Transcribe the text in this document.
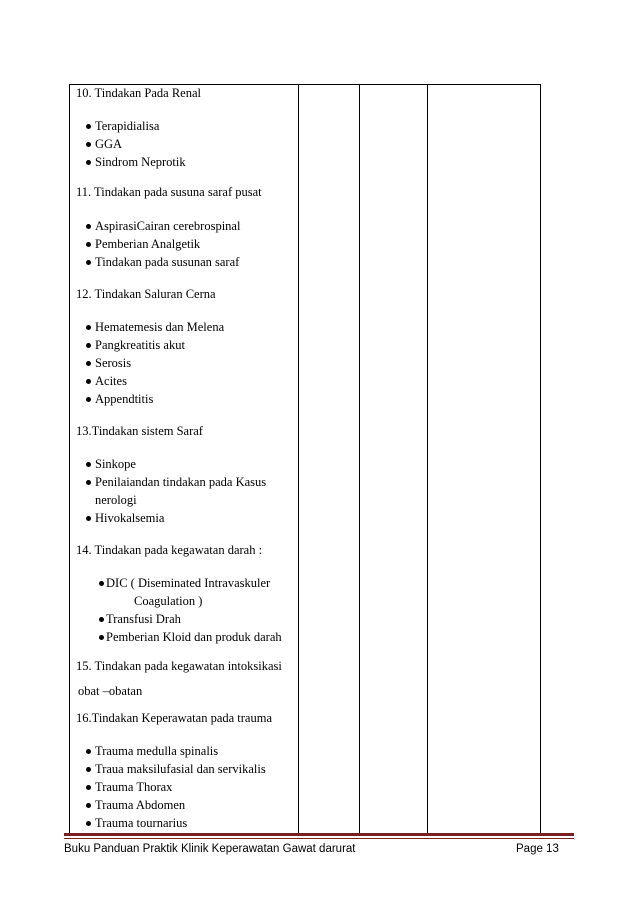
10. Tindakan Pada Renal
Terapidialisa
GGA
Sindrom Neprotik
11. Tindakan pada susuna saraf pusat
AspirasiCairan cerebrospinal
Pemberian Analgetik
Tindakan pada susunan saraf
12. Tindakan Saluran Cerna
Hematemesis dan Melena
Pangkreatitis akut
Serosis
Acites
Appendtitis
13.Tindakan sistem Saraf
Sinkope
Penilaiandan tindakan pada Kasus
nerologi
Hivokalsemia
14. Tindakan pada kegawatan darah :
DIC ( Diseminated Intravaskuler
Coagulation )
Transfusi Drah
Pemberian Kloid dan produk darah
15. Tindakan pada kegawatan intoksikasi
obat –obatan
16.Tindakan Keperawatan pada trauma
Trauma medulla spinalis
Traua maksilufasial dan servikalis
Trauma Thorax
Trauma Abdomen
Trauma tournarius
Buku Panduan Praktik Klinik Keperawatan Gawat darurat	Page 13
